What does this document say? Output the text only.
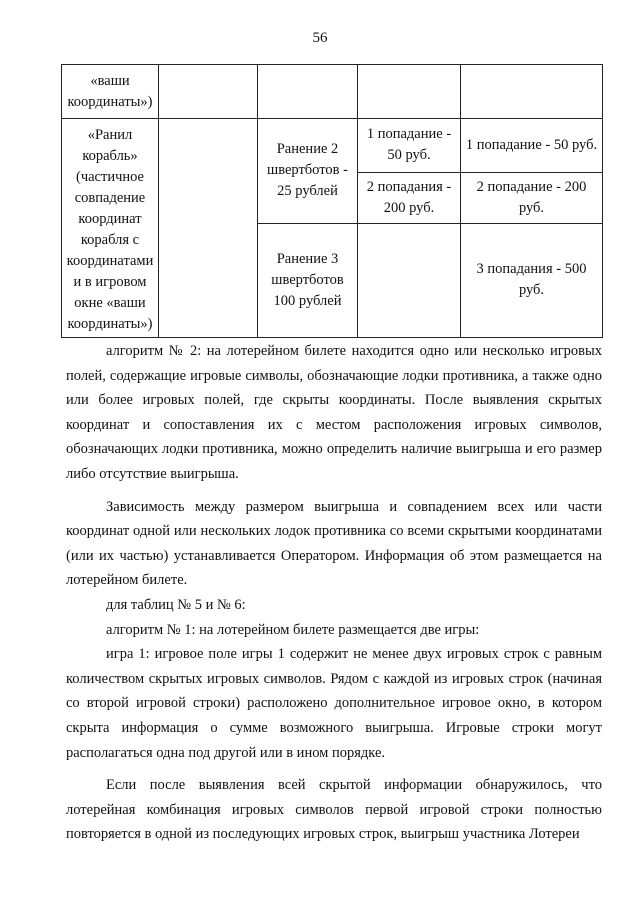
56
«ваши координаты»)				
«Ранил корабль» (частичное совпадение координат корабля с координатами и в игровом окне «ваши координаты»)		Ранение 2 швертботов - 25 рублей	1 попадание - 50 руб.	1 попадание - 50 руб.
			2 попадания - 200 руб.	2 попадание - 200 руб.
		Ранение 3 швертботов 100 рублей		3 попадания - 500 руб.

алгоритм № 2: на лотерейном билете находится одно или несколько игровых полей, содержащие игровые символы, обозначающие лодки противника, а также одно или более игровых полей, где скрыты координаты. После выявления скрытых координат и сопоставления их с местом расположения игровых символов, обозначающих лодки противника, можно определить наличие выигрыша и его размер либо отсутствие выигрыша.

Зависимость между размером выигрыша и совпадением всех или части координат одной или нескольких лодок противника со всеми скрытыми координатами (или их частью) устанавливается Оператором. Информация об этом размещается на лотерейном билете.

для таблиц № 5 и № 6:

алгоритм № 1: на лотерейном билете размещается две игры:

игра 1: игровое поле игры 1 содержит не менее двух игровых строк с равным количеством скрытых игровых символов. Рядом с каждой из игровых строк (начиная со второй игровой строки) расположено дополнительное игровое окно, в котором скрыта информация о сумме возможного выигрыша. Игровые строки могут располагаться одна под другой или в ином порядке.

Если после выявления всей скрытой информации обнаружилось, что лотерейная комбинация игровых символов первой игровой строки полностью повторяется в одной из последующих игровых строк, выигрыш участника Лотереи
